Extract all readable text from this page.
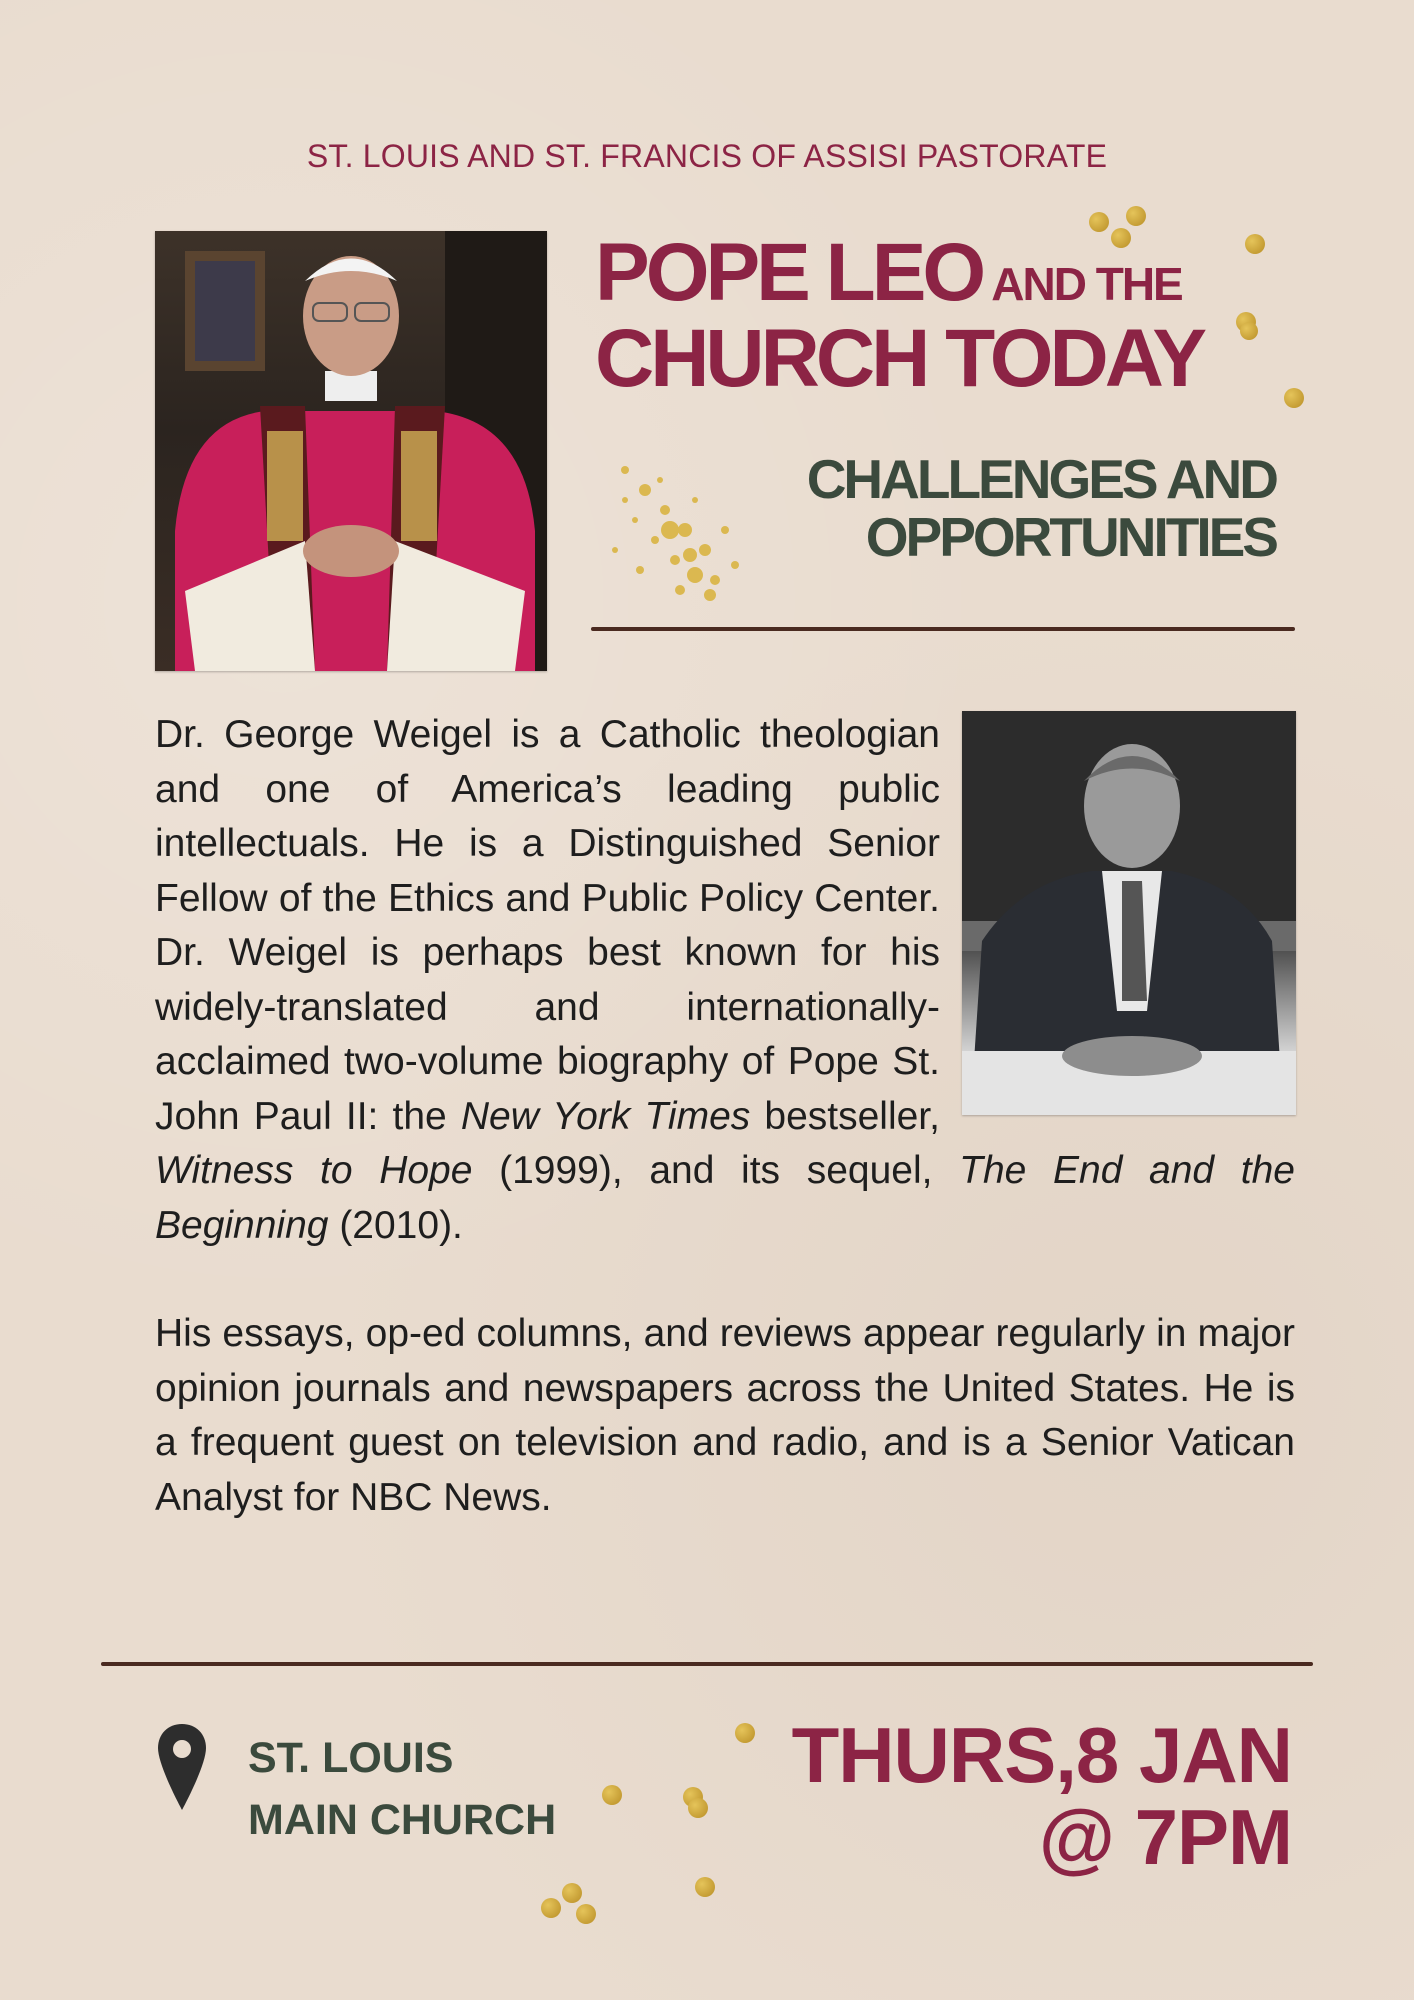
ST. LOUIS AND ST. FRANCIS OF ASSISI PASTORATE
POPE LEO AND THE
CHURCH TODAY
CHALLENGES AND
OPPORTUNITIES

Dr. George Weigel is a Catholic theologian and one of America’s leading public intellectuals. He is a Distinguished Senior Fellow of the Ethics and Public Policy Center. Dr. Weigel is perhaps best known for his widely-translated and internationally-acclaimed two-volume biography of Pope St. John Paul II: the New York Times bestseller, Witness to Hope (1999), and its sequel, The End and the Beginning (2010).

His essays, op-ed columns, and reviews appear regularly in major opinion journals and newspapers across the United States. He is a frequent guest on television and radio, and is a Senior Vatican Analyst for NBC News.

ST. LOUIS
MAIN CHURCH
THURS,8 JAN
@ 7PM
